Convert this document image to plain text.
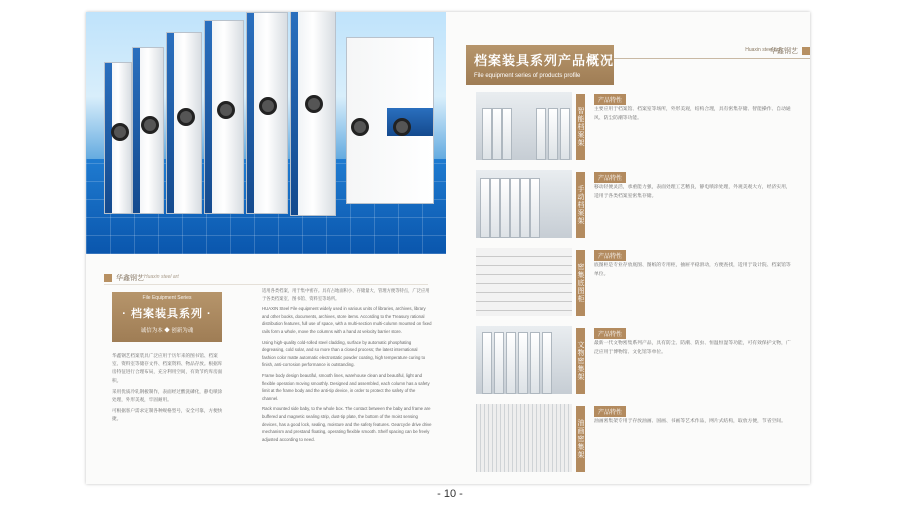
华鑫钢艺 Huaxin steel art
File Equipment Series
· 档案装具系列 ·
诚信为本 ◆ 创新为魂

华鑫钢艺档案装具广泛应用于历年来的图书馆、档案室、资料室等储存文件、档案资料、物品存放。根据库房特征进行合理布局，充分利用空间，有效节约库房面积。

采用优质冷轧钢板制作，表面经过酸洗磷化，静电喷涂处理，外形美观，牢固耐用。

可根据客户需求定制各种规格型号，安全可靠，方便快捷。

适用各类档案，用于集中密存。具有占地面积小、存储量大、管理方便等特点，广泛应用于各类档案室、图书馆、资料室等场所。

HUAXIN Steel File equipment widely used in various units of libraries, archives, library and other books, documents, archives, store items. According to the Treasury rational distribution features, full use of space, with a multi-section multi-column mounted on fixed rails form a whole, move the columns with a hand at velocity barrier store.

Using high-quality cold-rolled steel cladding, surface by automatic phosphating degreasing, cold solar, and so more than a closed process; the latest international fashion color matte automatic electrostatic powder coating, high temperature curing to finish, anti-corrosion performance is outstanding.

Frame body design beautiful, smooth lines, warehouse clean and beautiful, light and flexible operation moving smoothly. Designed and assembled, each column has a safety limit at the frame body and the anti-tip device, in order to protect the safety of the channel.

Rack mounted side baby, to the whole box. The contact between the baby and frame are buffered and magnetic sealing strip, dust-tip plate, the bottom of the moist sensing devices, has a good lock, sealing, moisture and the safety features. Gearcycle drive drive mechanism and prestand floating, operating flexible smooth. Shelf spacing can be freely adjusted according to need.

Huaxin steel art
华鑫钢艺
档案装具系列产品概况
File equipment series of products profile
智能档案架
产品特性
主要应用于档案馆、档案室等场所，外形美观，结构合理，具有密集存储、智能操作、自动通风、防尘防潮等功能。
手动档案架
产品特性
移动轻便灵活，承重能力强，表面处理工艺精良，静电喷涂处理，外观美观大方，经济实用，适用于各类档案室密集存储。
密集底图柜
产品特性
底图柜是专业存放底图、图纸的专用柜，抽屉平稳滑动，方便查找，适用于设计院、档案馆等单位。
文物密集架
产品特性
最新一代文物密集系列产品，具有防尘、防潮、防虫、恒温恒湿等功能，可有效保护文物，广泛应用于博物馆、文化馆等单位。
油画密集架
产品特性
油画密集架专用于存放油画、国画、书画等艺术作品，网片式结构，取放方便，节省空间。
- 10 -
